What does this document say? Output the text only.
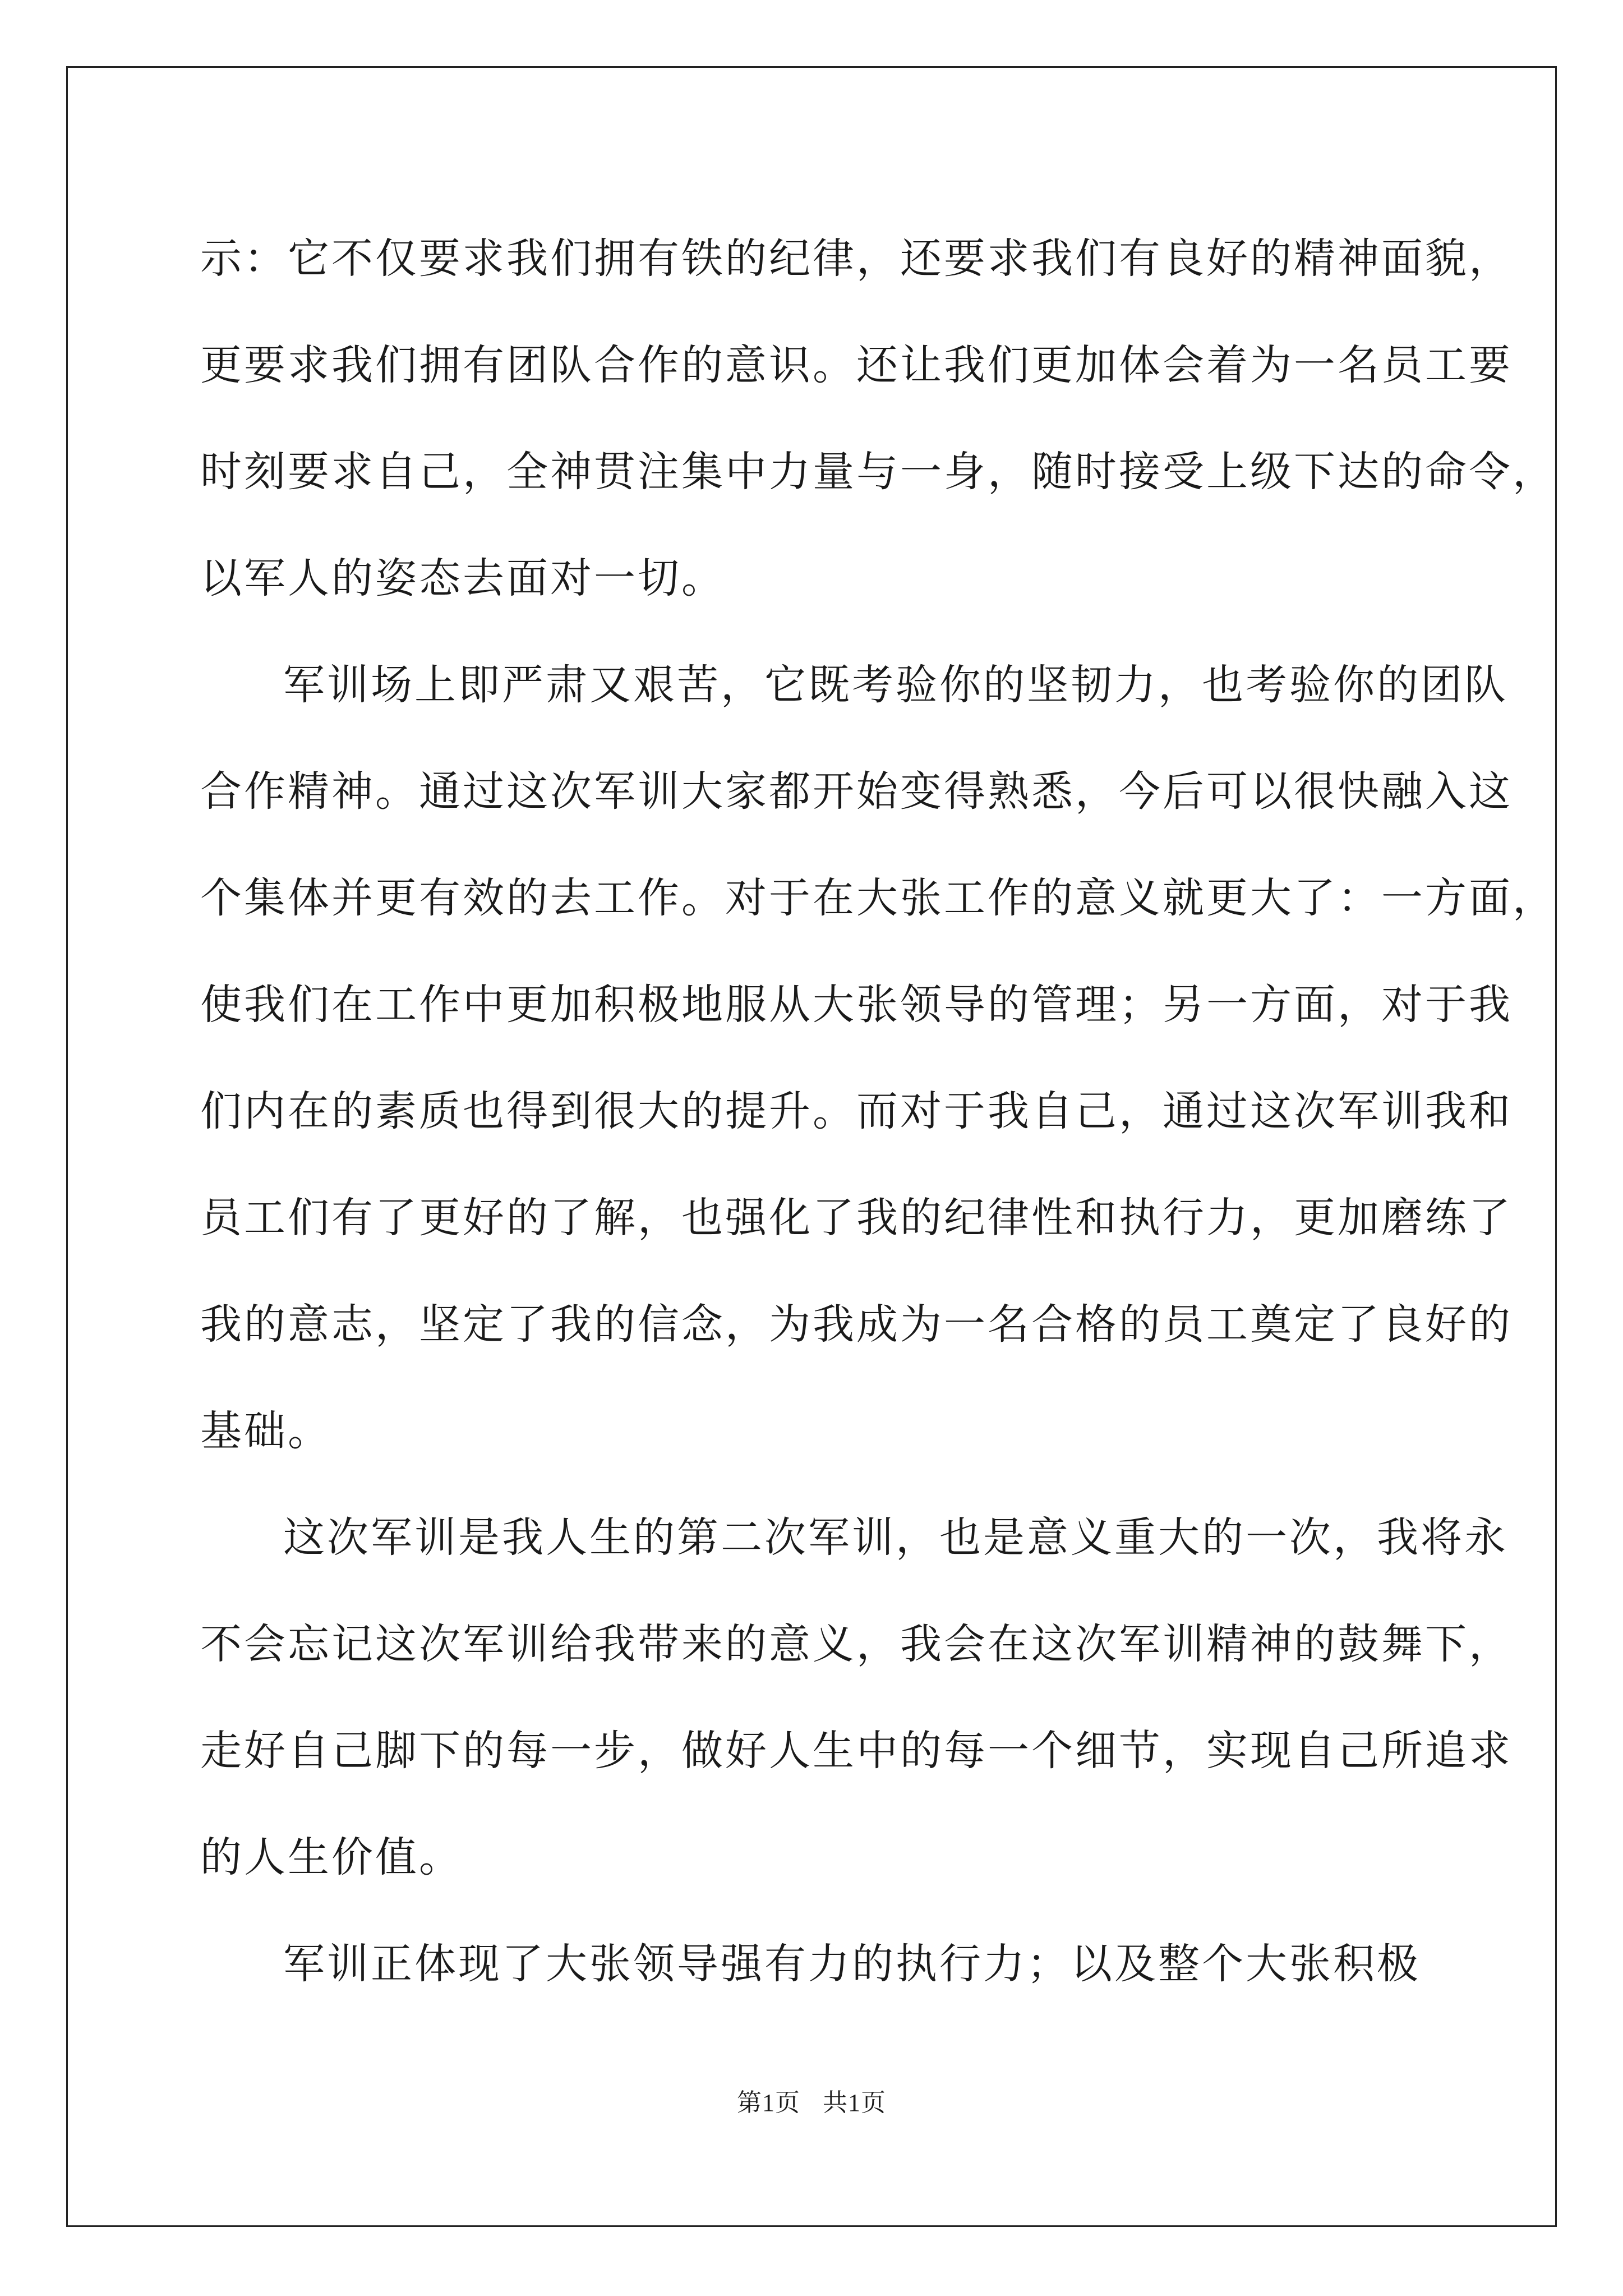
示：它不仅要求我们拥有铁的纪律，还要求我们有良好的精神面貌，
更要求我们拥有团队合作的意识。还让我们更加体会着为一名员工要
时刻要求自己，全神贯注集中力量与一身，随时接受上级下达的命令，
以军人的姿态去面对一切。
军训场上即严肃又艰苦，它既考验你的坚韧力，也考验你的团队
合作精神。通过这次军训大家都开始变得熟悉，今后可以很快融入这
个集体并更有效的去工作。对于在大张工作的意义就更大了：一方面，
使我们在工作中更加积极地服从大张领导的管理；另一方面，对于我
们内在的素质也得到很大的提升。而对于我自己，通过这次军训我和
员工们有了更好的了解，也强化了我的纪律性和执行力，更加磨练了
我的意志，坚定了我的信念，为我成为一名合格的员工奠定了良好的
基础。
这次军训是我人生的第二次军训，也是意义重大的一次，我将永
不会忘记这次军训给我带来的意义，我会在这次军训精神的鼓舞下，
走好自己脚下的每一步，做好人生中的每一个细节，实现自己所追求
的人生价值。
军训正体现了大张领导强有力的执行力；以及整个大张积极
第1页 共1页
